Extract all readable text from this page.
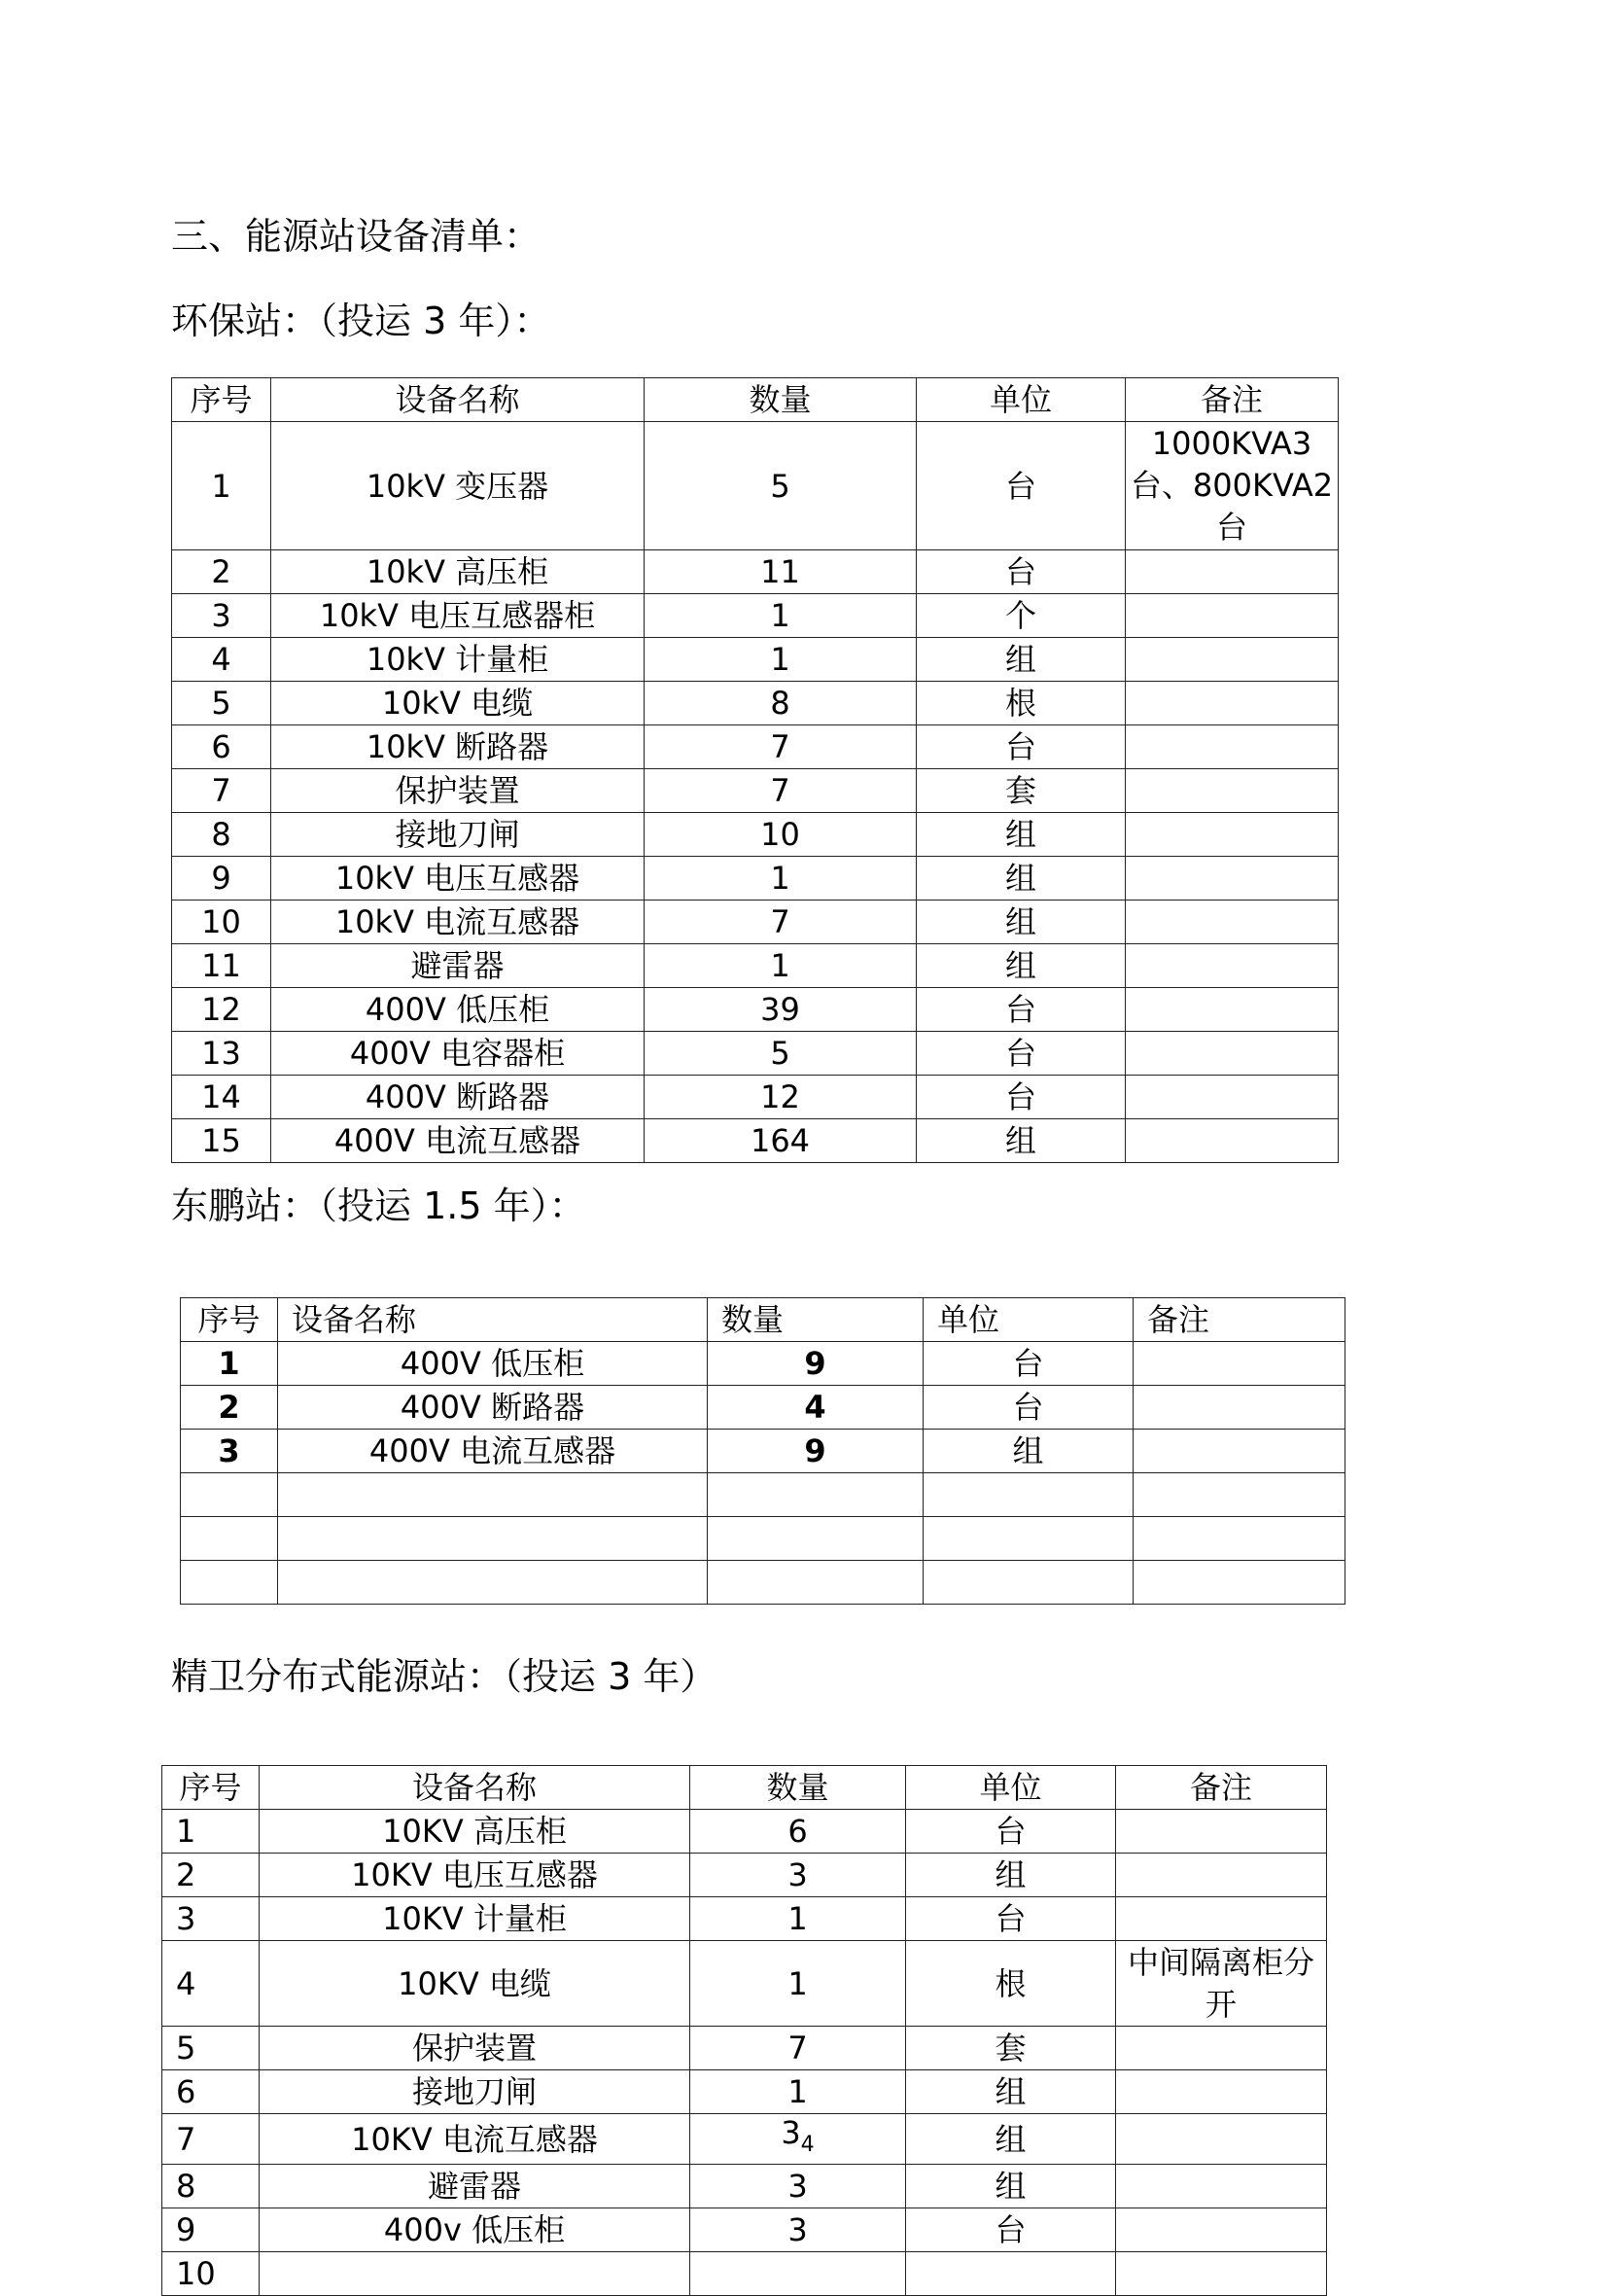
三、能源站设备清单：
环保站：（投运 3 年）：
序号	设备名称	数量	单位	备注
1	10kV 变压器	5	台	1000KVA3台、800KVA2台
2	10kV 高压柜	11	台	
3	10kV 电压互感器柜	1	个	
4	10kV 计量柜	1	组	
5	10kV 电缆	8	根	
6	10kV 断路器	7	台	
7	保护装置	7	套	
8	接地刀闸	10	组	
9	10kV 电压互感器	1	组	
10	10kV 电流互感器	7	组	
11	避雷器	1	组	
12	400V 低压柜	39	台	
13	400V 电容器柜	5	台	
14	400V 断路器	12	台	
15	400V 电流互感器	164	组	
东鹏站：（投运 1.5 年）：
序号	设备名称	数量	单位	备注
1	400V 低压柜	9	台	
2	400V 断路器	4	台	
3	400V 电流互感器	9	组	

精卫分布式能源站：（投运 3 年）
序号	设备名称	数量	单位	备注
1	10KV 高压柜	6	台	
2	10KV 电压互感器	3	组	
3	10KV 计量柜	1	台	
4	10KV 电缆	1	根	中间隔离柜分开
5	保护装置	7	套	
6	接地刀闸	1	组	
7	10KV 电流互感器	$3_4$	组	
8	避雷器	3	组	
9	400v 低压柜	3	台	
10				
